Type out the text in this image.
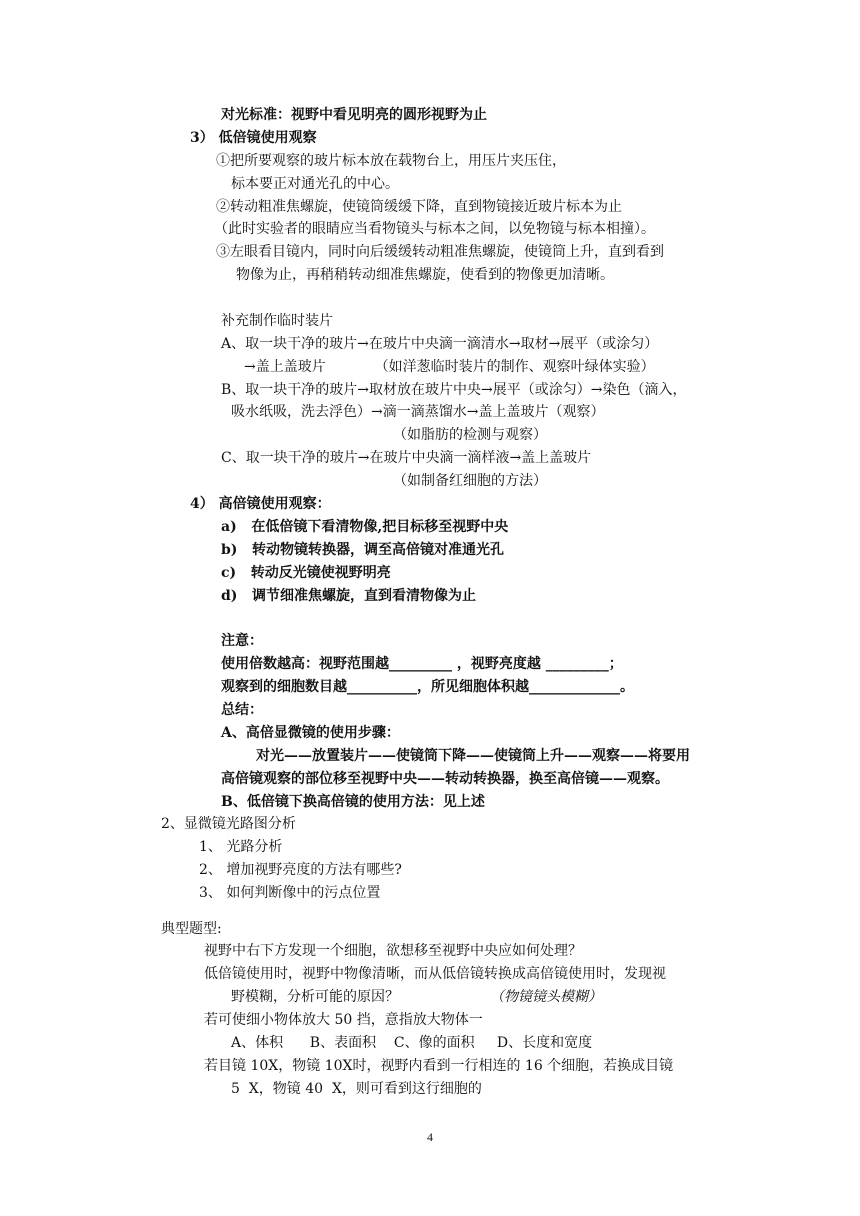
对光标准：视野中看见明亮的圆形视野为止
3） 低倍镜使用观察
①把所要观察的玻片标本放在载物台上，用压片夹压住，
标本要正对通光孔的中心。
②转动粗准焦螺旋，使镜筒缓缓下降，直到物镜接近玻片标本为止
（此时实验者的眼睛应当看物镜头与标本之间，以免物镜与标本相撞）。
③左眼看目镜内，同时向后缓缓转动粗准焦螺旋，使镜筒上升，直到看到
物像为止，再稍稍转动细准焦螺旋，使看到的物像更加清晰。
补充制作临时装片
A、取一块干净的玻片→在玻片中央滴一滴清水→取材→展平（或涂匀）
→盖上盖玻片           （如洋葱临时装片的制作、观察叶绿体实验）
B、取一块干净的玻片→取材放在玻片中央→展平（或涂匀）→染色（滴入，
吸水纸吸，洗去浮色）→滴一滴蒸馏水→盖上盖玻片（观察）
（如脂肪的检测与观察）
C、取一块干净的玻片→在玻片中央滴一滴样液→盖上盖玻片
（如制备红细胞的方法）
4） 高倍镜使用观察：
a)   在低倍镜下看清物像,把目标移至视野中央
b)   转动物镜转换器，调至高倍镜对准通光孔
c)   转动反光镜使视野明亮
d)   调节细准焦螺旋，直到看清物像为止
注意：
使用倍数越高：视野范围越_________ ，视野亮度越 _________；
观察到的细胞数目越__________，所见细胞体积越_____________。
总结：
A、高倍显微镜的使用步骤：
对光——放置装片——使镜筒下降——使镜筒上升——观察——将要用
高倍镜观察的部位移至视野中央——转动转换器，换至高倍镜——观察。
B、低倍镜下换高倍镜的使用方法：见上述
2、显微镜光路图分析
1、 光路分析
2、 增加视野亮度的方法有哪些?
3、 如何判断像中的污点位置
典型题型:
视野中右下方发现一个细胞，欲想移至视野中央应如何处理？
低倍镜使用时，视野中物像清晰，而从低倍镜转换成高倍镜使用时，发现视
野模糊，分析可能的原因？	（物镜镜头模糊）
若可使细小物体放大 50 挡，意指放大物体一
A、体积      B、表面积    C、像的面积     D、长度和宽度
若目镜 10X，物镜 10X时，视野内看到一行相连的 16 个细胞，若换成目镜
5  X，物镜 40  X，则可看到这行细胞的
4
